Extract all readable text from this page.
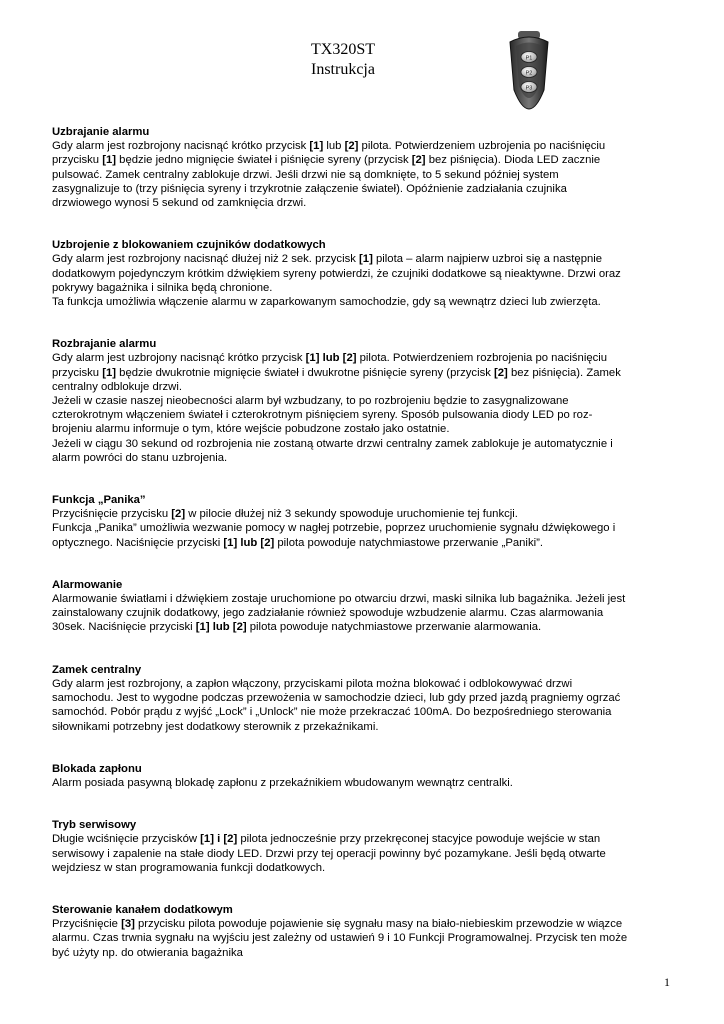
TX320ST
Instrukcja
P1
P2
P3
Uzbrajanie alarmu

Gdy alarm jest rozbrojony nacisnąć krótko przycisk [1] lub [2] pilota. Potwierdzeniem uzbrojenia po naciśnięciu
przycisku [1] będzie jedno mignięcie świateł i piśnięcie syreny (przycisk [2] bez piśnięcia). Dioda LED zacznie
pulsować. Zamek centralny zablokuje drzwi. Jeśli drzwi nie są domknięte, to 5 sekund później system
zasygnalizuje to (trzy piśnięcia syreny i trzykrotnie załączenie świateł). Opóźnienie zadziałania czujnika
drzwiowego wynosi 5 sekund od zamknięcia drzwi.

Uzbrojenie z blokowaniem czujników dodatkowych

Gdy alarm jest rozbrojony nacisnąć dłużej niż 2 sek. przycisk [1] pilota – alarm najpierw uzbroi się a następnie
dodatkowym pojedynczym krótkim dźwiękiem syreny potwierdzi, że czujniki dodatkowe są nieaktywne. Drzwi oraz
pokrywy bagażnika i silnika będą chronione.
Ta funkcja umożliwia włączenie alarmu w zaparkowanym samochodzie, gdy są wewnątrz dzieci lub zwierzęta.

Rozbrajanie alarmu

Gdy alarm jest uzbrojony nacisnąć krótko przycisk [1] lub [2] pilota. Potwierdzeniem rozbrojenia po naciśnięciu
przycisku [1] będzie dwukrotnie mignięcie świateł i dwukrotne piśnięcie syreny (przycisk [2] bez piśnięcia). Zamek
centralny odblokuje drzwi.
Jeżeli w czasie naszej nieobecności alarm był wzbudzany, to po rozbrojeniu będzie to zasygnalizowane
czterokrotnym włączeniem świateł i czterokrotnym piśnięciem syreny. Sposób pulsowania diody LED po roz-
brojeniu alarmu informuje o tym, które wejście pobudzone zostało jako ostatnie.
Jeżeli w ciągu 30 sekund od rozbrojenia nie zostaną otwarte drzwi centralny zamek zablokuje je automatycznie i
alarm powróci do stanu uzbrojenia.

Funkcja „Panika”

Przyciśnięcie przycisku [2] w pilocie dłużej niż 3 sekundy spowoduje uruchomienie tej funkcji.
Funkcja „Panika” umożliwia wezwanie pomocy w nagłej potrzebie, poprzez uruchomienie sygnału dźwiękowego i
optycznego. Naciśnięcie przyciski [1] lub [2] pilota powoduje natychmiastowe przerwanie „Paniki”.

Alarmowanie

Alarmowanie światłami i dźwiękiem zostaje uruchomione po otwarciu drzwi, maski silnika lub bagażnika. Jeżeli jest
zainstalowany czujnik dodatkowy, jego zadziałanie również spowoduje wzbudzenie alarmu. Czas alarmowania
30sek. Naciśnięcie przyciski [1] lub [2] pilota powoduje natychmiastowe przerwanie alarmowania.

Zamek centralny

Gdy alarm jest rozbrojony, a zapłon włączony, przyciskami pilota można blokować i odblokowywać drzwi
samochodu. Jest to wygodne podczas przewożenia w samochodzie dzieci, lub gdy przed jazdą pragniemy ogrzać
samochód. Pobór prądu z wyjść „Lock” i „Unlock” nie może przekraczać 100mA. Do bezpośredniego sterowania
siłownikami potrzebny jest dodatkowy sterownik z przekaźnikami.

Blokada zapłonu

Alarm posiada pasywną blokadę zapłonu z przekaźnikiem wbudowanym wewnątrz centralki.

Tryb serwisowy

Długie wciśnięcie przycisków [1] i [2] pilota jednocześnie przy przekręconej stacyjce powoduje wejście w stan
serwisowy i zapalenie na stałe diody LED. Drzwi przy tej operacji powinny być pozamykane. Jeśli będą otwarte
wejdziesz w stan programowania funkcji dodatkowych.

Sterowanie kanałem dodatkowym

Przyciśnięcie [3] przycisku pilota powoduje pojawienie się sygnału masy na biało-niebieskim przewodzie w wiązce
alarmu. Czas trwnia sygnału na wyjściu jest zależny od ustawień 9 i 10 Funkcji Programowalnej. Przycisk ten może
być użyty np. do otwierania bagażnika

1
